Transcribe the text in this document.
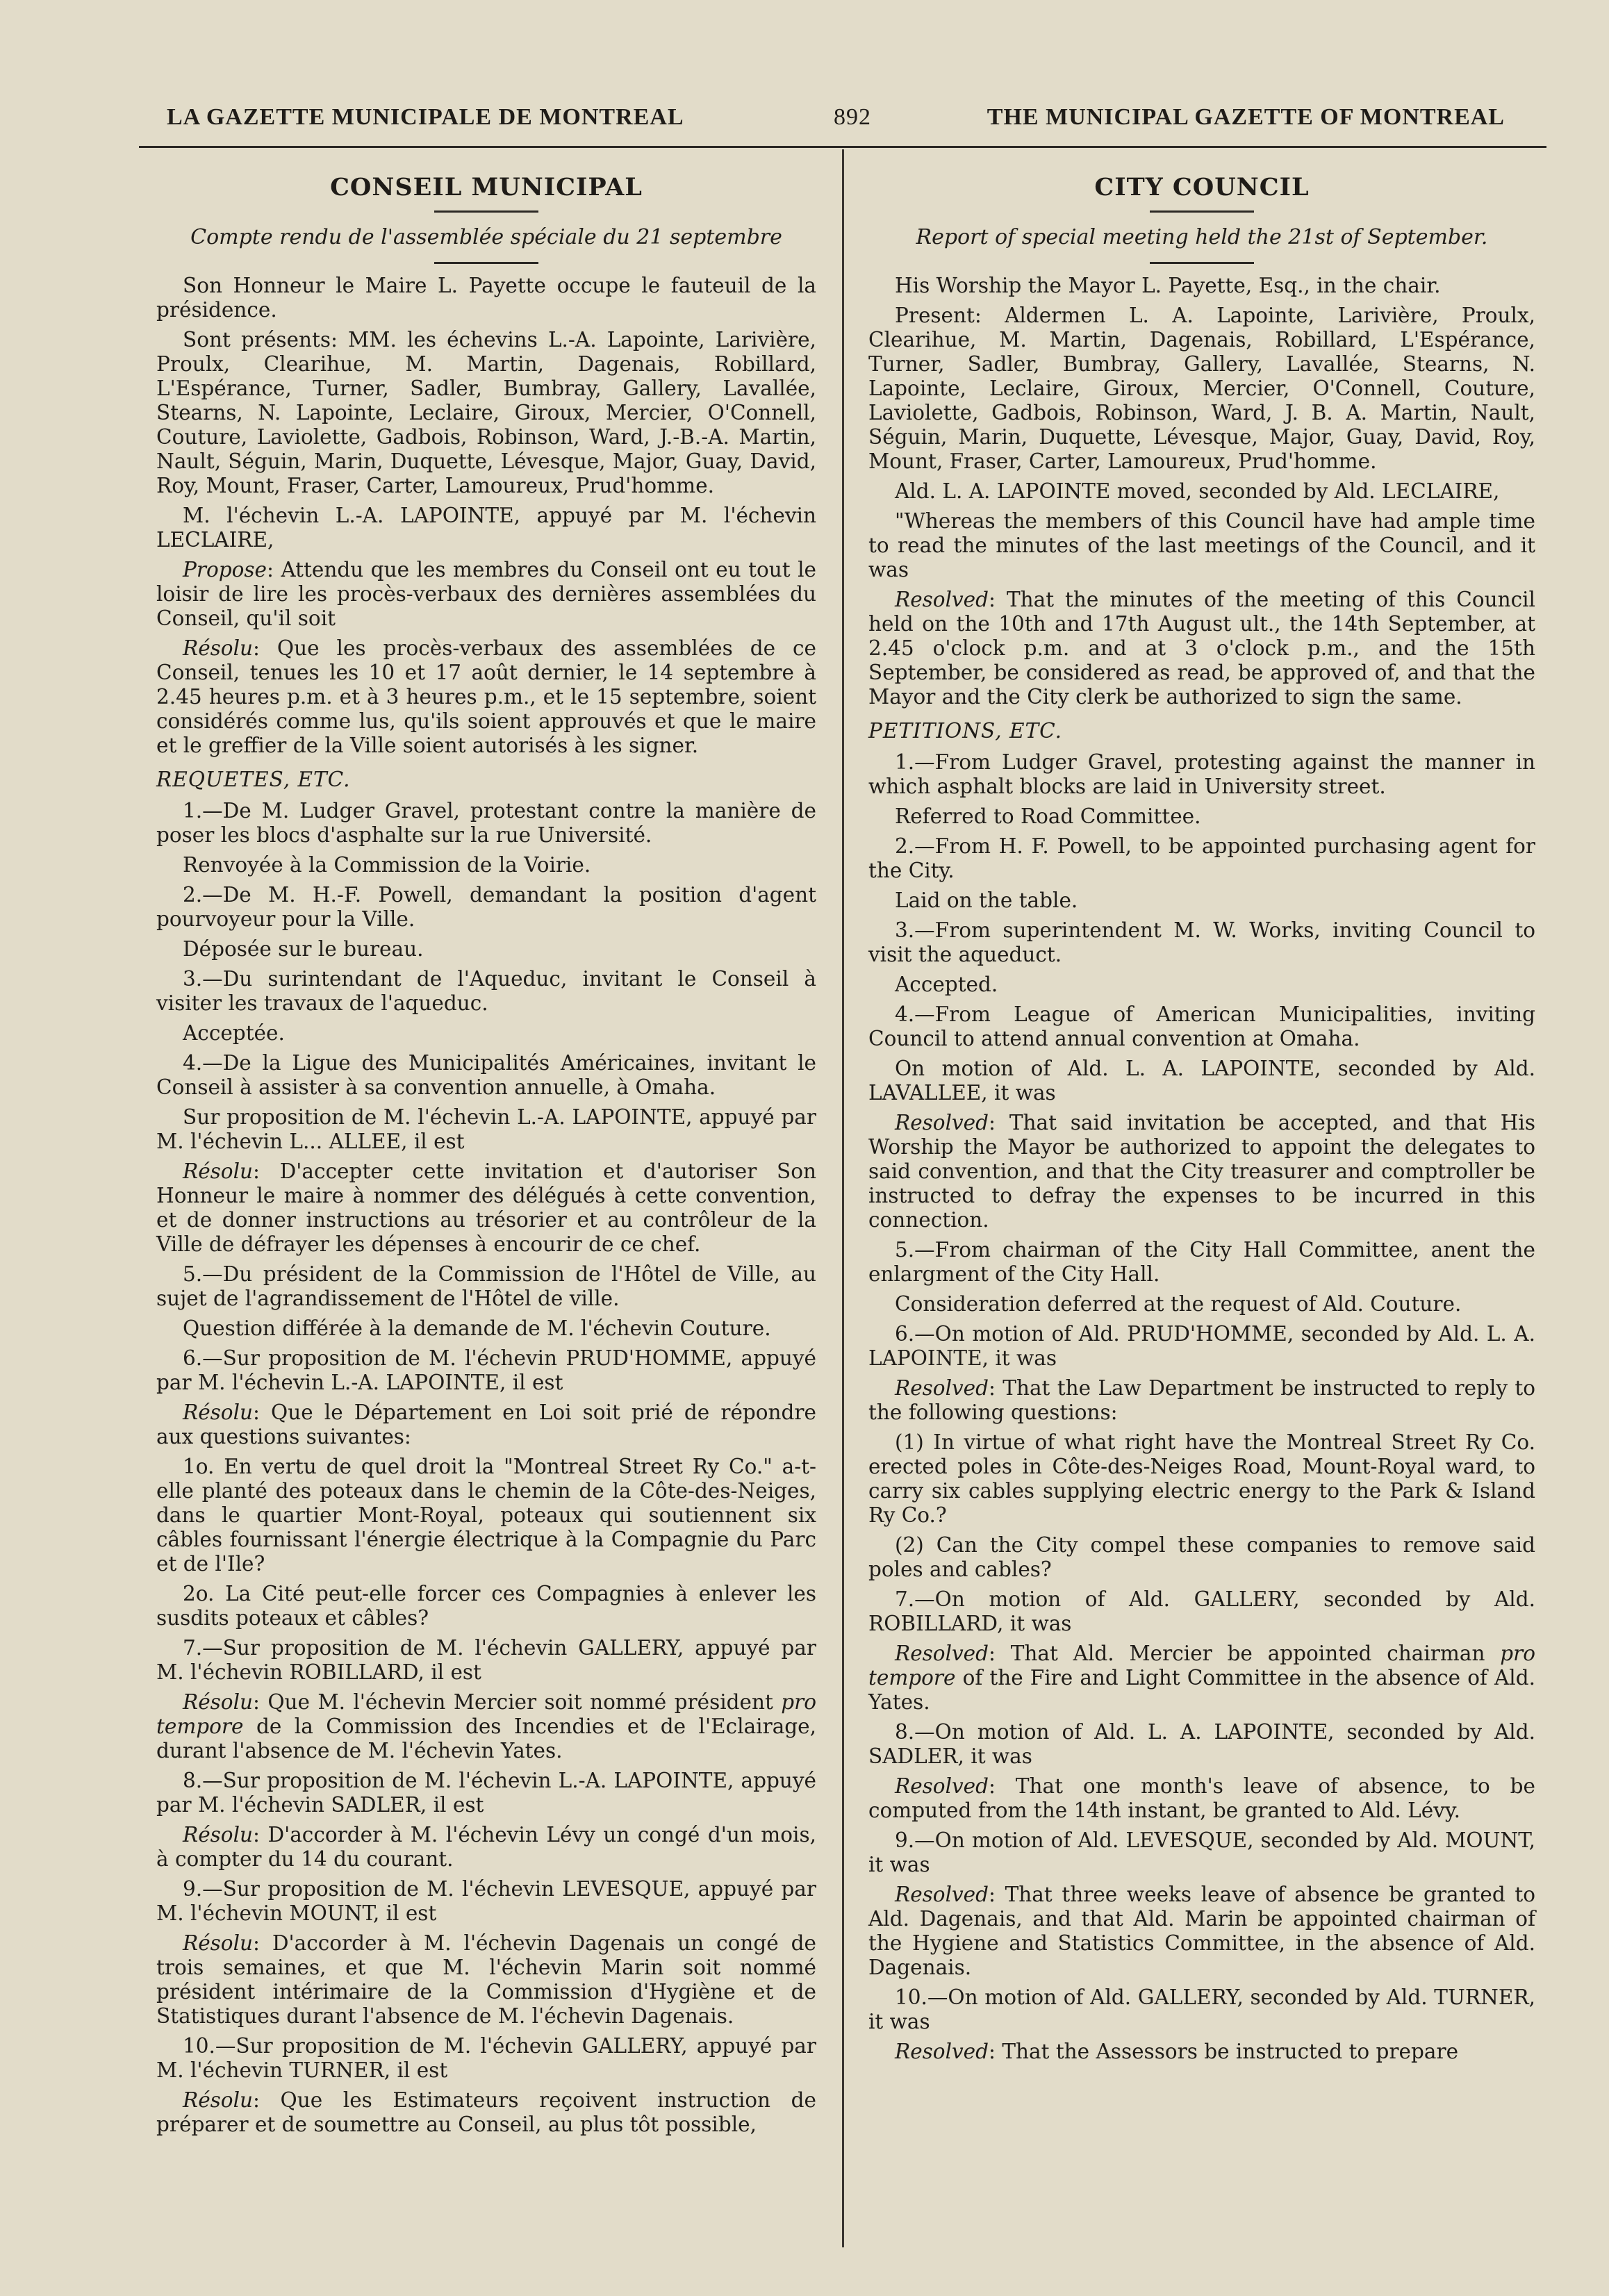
LA GAZETTE MUNICIPALE DE MONTREAL	892	THE MUNICIPAL GAZETTE OF MONTREAL
CONSEIL MUNICIPAL
Compte rendu de l'assemblée spéciale du 21 septembre

Son Honneur le Maire L. Payette occupe le fauteuil de la présidence.

Sont présents: MM. les échevins L.-A. Lapointe, Larivière, Proulx, Clearihue, M. Martin, Dagenais, Robillard, L'Espérance, Turner, Sadler, Bumbray, Gallery, Lavallée, Stearns, N. Lapointe, Leclaire, Giroux, Mercier, O'Connell, Couture, Laviolette, Gadbois, Robinson, Ward, J.-B.-A. Martin, Nault, Séguin, Marin, Duquette, Lévesque, Major, Guay, David, Roy, Mount, Fraser, Carter, Lamoureux, Prud'homme.

M. l'échevin L.-A. LAPOINTE, appuyé par M. l'échevin LECLAIRE,

Propose: Attendu que les membres du Conseil ont eu tout le loisir de lire les procès-verbaux des dernières assemblées du Conseil, qu'il soit

Résolu: Que les procès-verbaux des assemblées de ce Conseil, tenues les 10 et 17 août dernier, le 14 septembre à 2.45 heures p.m. et à 3 heures p.m., et le 15 septembre, soient considérés comme lus, qu'ils soient approuvés et que le maire et le greffier de la Ville soient autorisés à les signer.

REQUETES, ETC.

1.—De M. Ludger Gravel, protestant contre la manière de poser les blocs d'asphalte sur la rue Université.

Renvoyée à la Commission de la Voirie.

2.—De M. H.-F. Powell, demandant la position d'agent pourvoyeur pour la Ville.

Déposée sur le bureau.

3.—Du surintendant de l'Aqueduc, invitant le Conseil à visiter les travaux de l'aqueduc.

Acceptée.

4.—De la Ligue des Municipalités Américaines, invitant le Conseil à assister à sa convention annuelle, à Omaha.

Sur proposition de M. l'échevin L.-A. LAPOINTE, appuyé par M. l'échevin L... ALLEE, il est

Résolu: D'accepter cette invitation et d'autoriser Son Honneur le maire à nommer des délégués à cette convention, et de donner instructions au trésorier et au contrôleur de la Ville de défrayer les dépenses à encourir de ce chef.

5.—Du président de la Commission de l'Hôtel de Ville, au sujet de l'agrandissement de l'Hôtel de ville.

Question différée à la demande de M. l'échevin Couture.

6.—Sur proposition de M. l'échevin PRUD'HOMME, appuyé par M. l'échevin L.-A. LAPOINTE, il est

Résolu: Que le Département en Loi soit prié de répondre aux questions suivantes:

1o. En vertu de quel droit la "Montreal Street Ry Co." a-t-elle planté des poteaux dans le chemin de la Côte-des-Neiges, dans le quartier Mont-Royal, poteaux qui soutiennent six câbles fournissant l'énergie électrique à la Compagnie du Parc et de l'Ile?

2o. La Cité peut-elle forcer ces Compagnies à enlever les susdits poteaux et câbles?

7.—Sur proposition de M. l'échevin GALLERY, appuyé par M. l'échevin ROBILLARD, il est

Résolu: Que M. l'échevin Mercier soit nommé président pro tempore de la Commission des Incendies et de l'Eclairage, durant l'absence de M. l'échevin Yates.

8.—Sur proposition de M. l'échevin L.-A. LAPOINTE, appuyé par M. l'échevin SADLER, il est

Résolu: D'accorder à M. l'échevin Lévy un congé d'un mois, à compter du 14 du courant.

9.—Sur proposition de M. l'échevin LEVESQUE, appuyé par M. l'échevin MOUNT, il est

Résolu: D'accorder à M. l'échevin Dagenais un congé de trois semaines, et que M. l'échevin Marin soit nommé président intérimaire de la Commission d'Hygiène et de Statistiques durant l'absence de M. l'échevin Dagenais.

10.—Sur proposition de M. l'échevin GALLERY, appuyé par M. l'échevin TURNER, il est

Résolu: Que les Estimateurs reçoivent instruction de préparer et de soumettre au Conseil, au plus tôt possible,

CITY COUNCIL
Report of special meeting held the 21st of September.

His Worship the Mayor L. Payette, Esq., in the chair.

Present: Aldermen L. A. Lapointe, Larivière, Proulx, Clearihue, M. Martin, Dagenais, Robillard, L'Espérance, Turner, Sadler, Bumbray, Gallery, Lavallée, Stearns, N. Lapointe, Leclaire, Giroux, Mercier, O'Connell, Couture, Laviolette, Gadbois, Robinson, Ward, J. B. A. Martin, Nault, Séguin, Marin, Duquette, Lévesque, Major, Guay, David, Roy, Mount, Fraser, Carter, Lamoureux, Prud'homme.

Ald. L. A. LAPOINTE moved, seconded by Ald. LECLAIRE,

"Whereas the members of this Council have had ample time to read the minutes of the last meetings of the Council, and it was

Resolved: That the minutes of the meeting of this Council held on the 10th and 17th August ult., the 14th September, at 2.45 o'clock p.m. and at 3 o'clock p.m., and the 15th September, be considered as read, be approved of, and that the Mayor and the City clerk be authorized to sign the same.

PETITIONS, ETC.

1.—From Ludger Gravel, protesting against the manner in which asphalt blocks are laid in University street.

Referred to Road Committee.

2.—From H. F. Powell, to be appointed purchasing agent for the City.

Laid on the table.

3.—From superintendent M. W. Works, inviting Council to visit the aqueduct.

Accepted.

4.—From League of American Municipalities, inviting Council to attend annual convention at Omaha.

On motion of Ald. L. A. LAPOINTE, seconded by Ald. LAVALLEE, it was

Resolved: That said invitation be accepted, and that His Worship the Mayor be authorized to appoint the delegates to said convention, and that the City treasurer and comptroller be instructed to defray the expenses to be incurred in this connection.

5.—From chairman of the City Hall Committee, anent the enlargment of the City Hall.

Consideration deferred at the request of Ald. Couture.

6.—On motion of Ald. PRUD'HOMME, seconded by Ald. L. A. LAPOINTE, it was

Resolved: That the Law Department be instructed to reply to the following questions:

(1) In virtue of what right have the Montreal Street Ry Co. erected poles in Côte-des-Neiges Road, Mount-Royal ward, to carry six cables supplying electric energy to the Park & Island Ry Co.?

(2) Can the City compel these companies to remove said poles and cables?

7.—On motion of Ald. GALLERY, seconded by Ald. ROBILLARD, it was

Resolved: That Ald. Mercier be appointed chairman pro tempore of the Fire and Light Committee in the absence of Ald. Yates.

8.—On motion of Ald. L. A. LAPOINTE, seconded by Ald. SADLER, it was

Resolved: That one month's leave of absence, to be computed from the 14th instant, be granted to Ald. Lévy.

9.—On motion of Ald. LEVESQUE, seconded by Ald. MOUNT, it was

Resolved: That three weeks leave of absence be granted to Ald. Dagenais, and that Ald. Marin be appointed chairman of the Hygiene and Statistics Committee, in the absence of Ald. Dagenais.

10.—On motion of Ald. GALLERY, seconded by Ald. TURNER, it was

Resolved: That the Assessors be instructed to prepare
